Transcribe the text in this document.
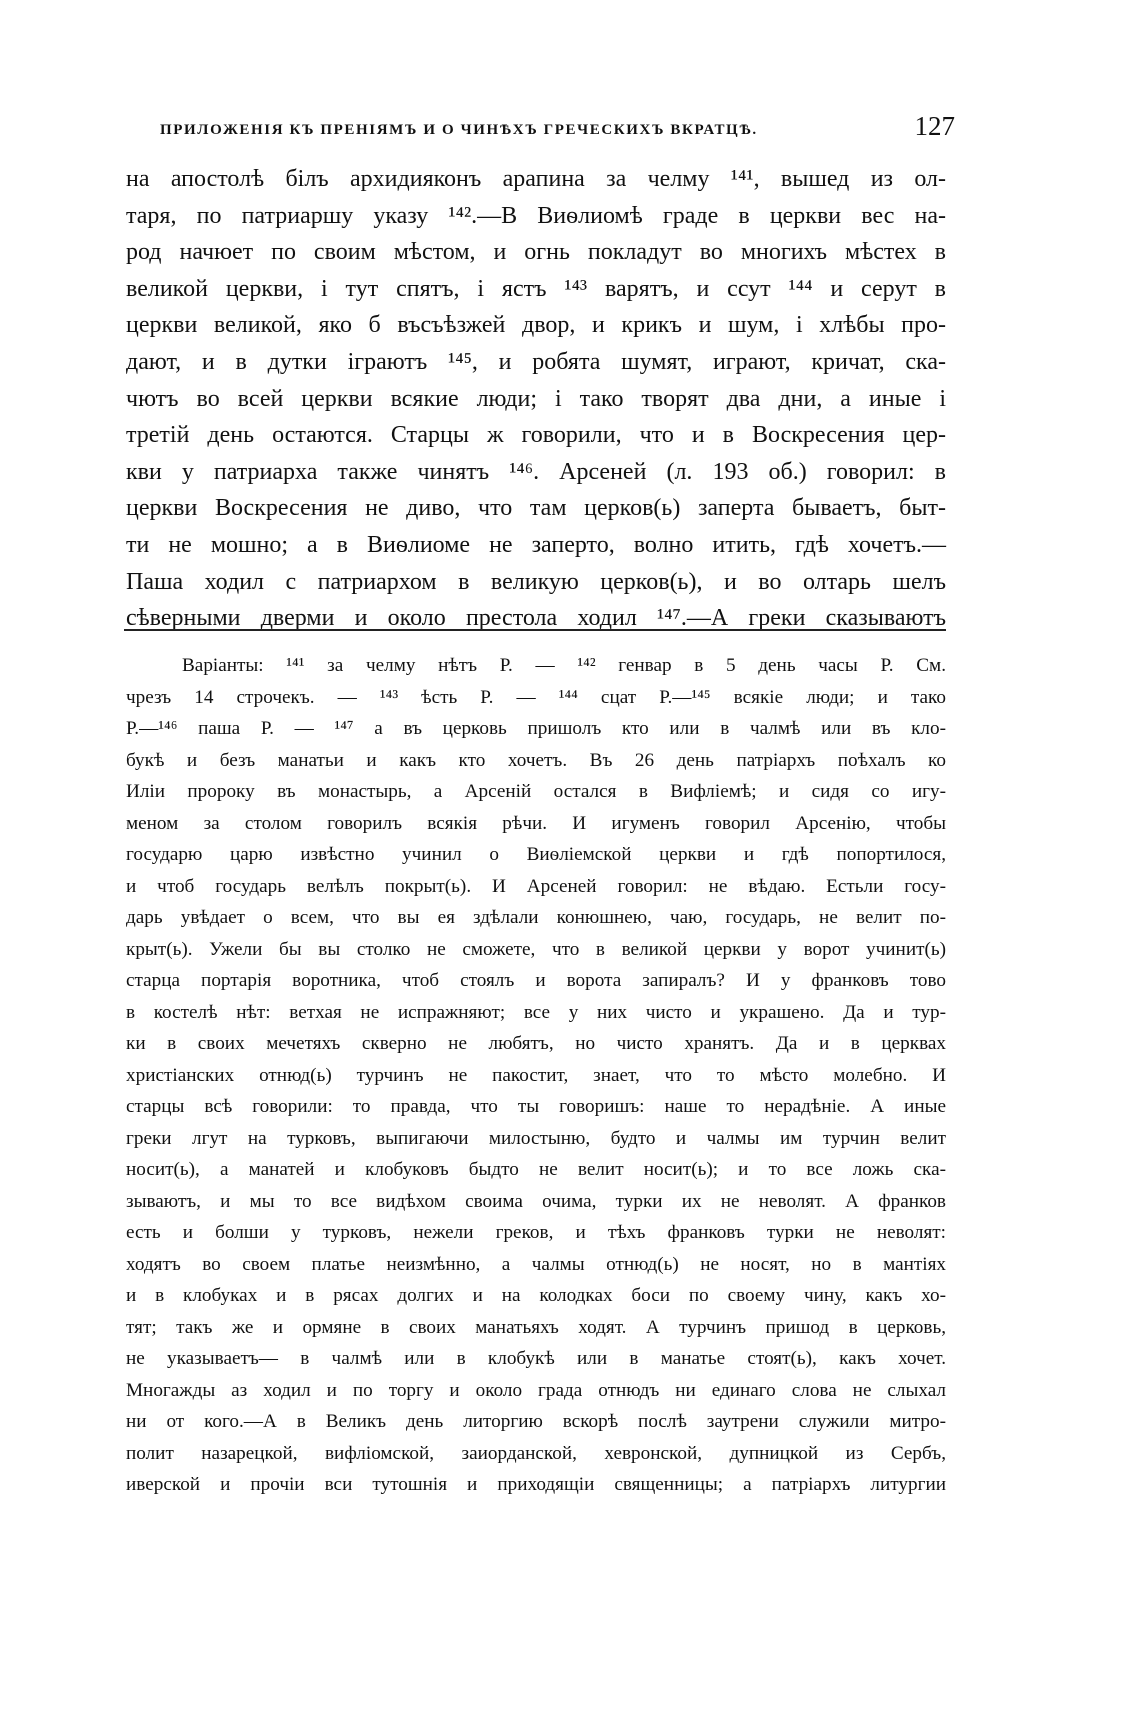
ПРИЛОЖЕНІЯ КЪ ПРЕНІЯМЪ И О ЧИНѢХЪ ГРЕЧЕСКИХЪ ВКРАТЦѢ.	127
на апостолѣ білъ архидияконъ арапина за челму ¹⁴¹, вышед из ол-
таря, по патриаршу указу ¹⁴².—В Виѳлиомѣ граде в церкви вес на-
род начюет по своим мѣстом, и огнь покладут во многихъ мѣстех в
великой церкви, і тут спятъ, і ястъ ¹⁴³ варятъ, и ссут ¹⁴⁴ и серут в
церкви великой, яко б въсъѣзжей двор, и крикъ и шум, і хлѣбы про-
дают, и в дутки іграютъ ¹⁴⁵, и робята шумят, играют, кричат, ска-
чютъ во всей церкви всякие люди; і тако творят два дни, а иные і
третій день остаются. Старцы ж говорили, что и в Воскресения цер-
кви у патриарха также чинятъ ¹⁴⁶. Арсеней (л. 193 об.) говорил: в
церкви Воскресения не диво, что там церков(ь) заперта бываетъ, быт-
ти не мошно; а в Виѳлиоме не заперто, волно итить, гдѣ хочетъ.—
Паша ходил с патриархом в великую церков(ь), и во олтарь шелъ
сѣверными дверми и около престола ходил ¹⁴⁷.—А греки сказываютъ
Варіанты: ¹⁴¹ за челму нѣтъ Р. — ¹⁴² генвар в 5 день часы Р. См.
чрезъ 14 строчекъ. — ¹⁴³ ѣсть Р. — ¹⁴⁴ сцат Р.—¹⁴⁵ всякіе люди; и тако
Р.—¹⁴⁶ паша Р. — ¹⁴⁷ а въ церковь пришолъ кто или в чалмѣ или въ кло-
букѣ и безъ манатьи и какъ кто хочетъ. Въ 26 день патріархъ поѣхалъ ко
Иліи пророку въ монастырь, а Арсеній остался в Вифліемѣ; и сидя со игу-
меном за столом говорилъ всякія рѣчи. И игуменъ говорил Арсенію, чтобы
государю царю извѣстно учинил о Виѳліемской церкви и гдѣ попортилося,
и чтоб государь велѣлъ покрыт(ь). И Арсеней говорил: не вѣдаю. Естьли госу-
дарь увѣдает о всем, что вы ея здѣлали конюшнею, чаю, государь, не велит по-
крыт(ь). Ужели бы вы столко не сможете, что в великой церкви у ворот учинит(ь)
старца портарія воротника, чтоб стоялъ и ворота запиралъ? И у франковъ тово
в костелѣ нѣт: ветхая не испражняют; все у них чисто и украшено. Да и тур-
ки в своих мечетяхъ скверно не любятъ, но чисто хранятъ. Да и в церквах
христіанских отнюд(ь) турчинъ не пакостит, знает, что то мѣсто молебно. И
старцы всѣ говорили: то правда, что ты говоришъ: наше то нерадѣніе. А иные
греки лгут на турковъ, выпигаючи милостыню, будто и чалмы им турчин велит
носит(ь), а манатей и клобуковъ быдто не велит носит(ь); и то все ложь ска-
зываютъ, и мы то все видѣхом своима очима, турки их не неволят. А франков
есть и болши у турковъ, нежели греков, и тѣхъ франковъ турки не неволят:
ходятъ во своем платье неизмѣнно, а чалмы отнюд(ь) не носят, но в мантіях
и в клобуках и в рясах долгих и на колодках боси по своему чину, какъ хо-
тят; такъ же и ормяне в своих манатьяхъ ходят. А турчинъ пришод в церковь,
не указываетъ— в чалмѣ или в клобукѣ или в манатье стоят(ь), какъ хочет.
Многажды аз ходил и по торгу и около града отнюдъ ни единаго слова не слыхал
ни от кого.—А в Великъ день литоргию вскорѣ послѣ заутрени служили митро-
полит назарецкой, вифліомской, заиорданской, хевронской, дупницкой из Сербъ,
иверской и прочіи вси тутошнія и приходящіи священницы; а патріархъ литургии
